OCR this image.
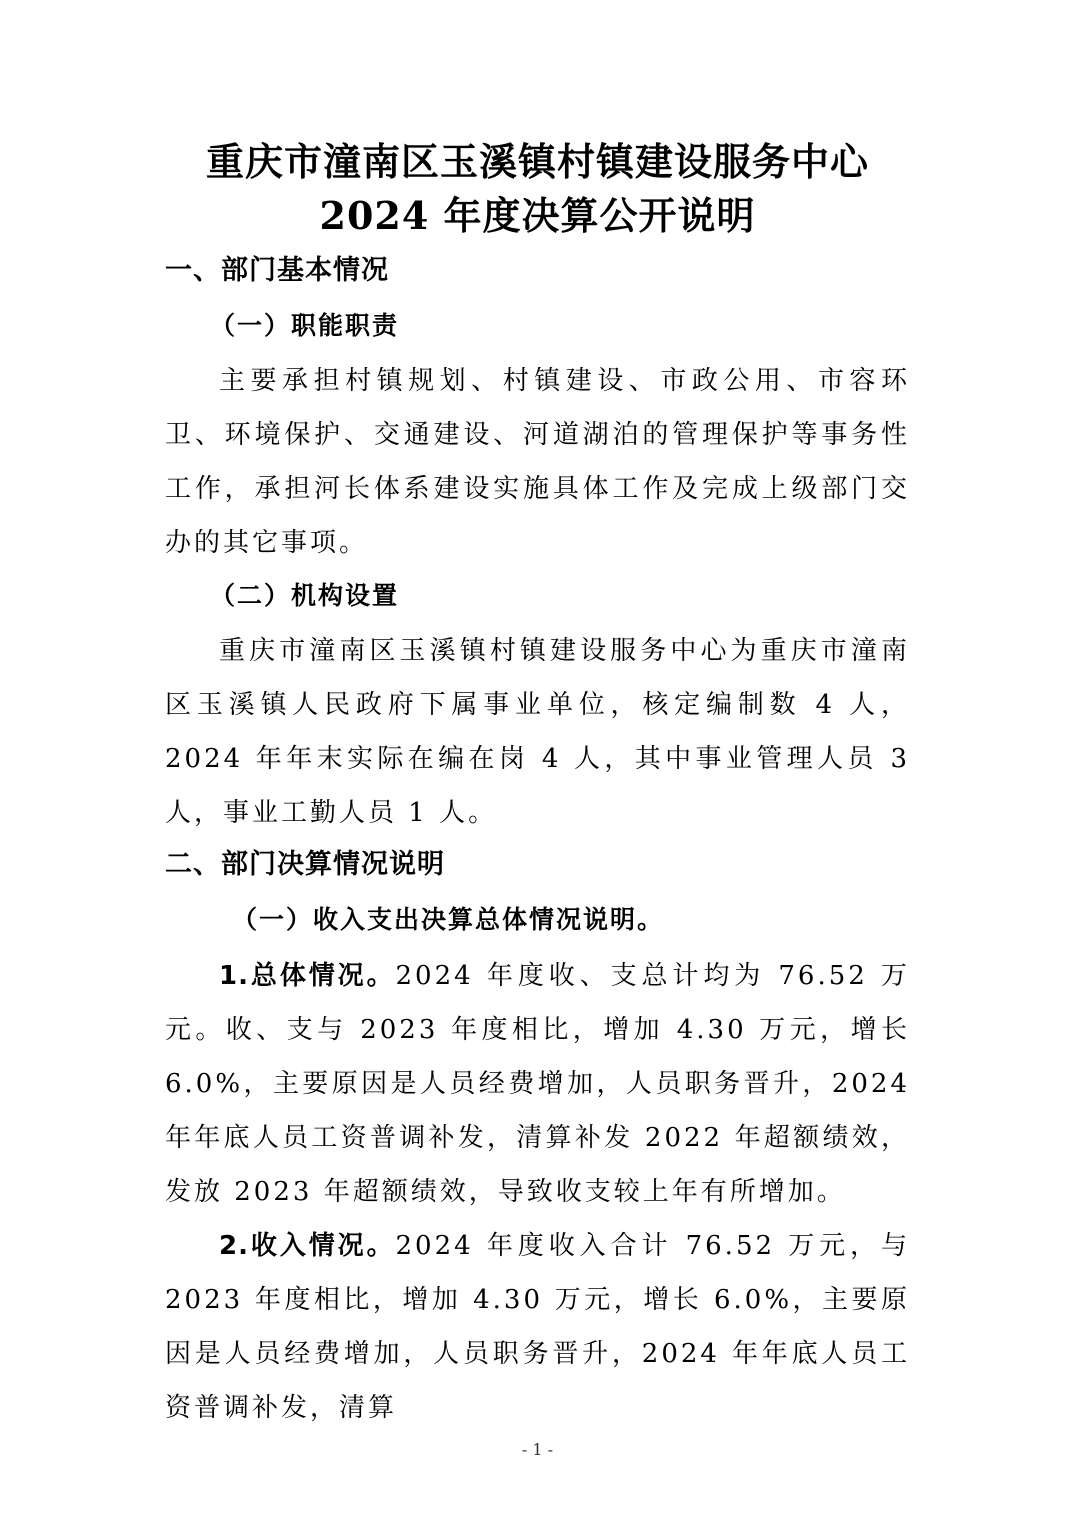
重庆市潼南区玉溪镇村镇建设服务中心
2024 年度决算公开说明
一、部门基本情况
（一）职能职责

主要承担村镇规划、村镇建设、市政公用、市容环卫、环境保护、交通建设、河道湖泊的管理保护等事务性工作，承担河长体系建设实施具体工作及完成上级部门交办的其它事项。

（二）机构设置

重庆市潼南区玉溪镇村镇建设服务中心为重庆市潼南区玉溪镇人民政府下属事业单位，核定编制数 4 人，2024 年年末实际在编在岗 4 人，其中事业管理人员 3 人，事业工勤人员 1 人。

二、部门决算情况说明
（一）收入支出决算总体情况说明。

1.总体情况。2024 年度收、支总计均为 76.52 万元。收、支与 2023 年度相比，增加 4.30 万元，增长 6.0%，主要原因是人员经费增加，人员职务晋升，2024 年年底人员工资普调补发，清算补发 2022 年超额绩效，发放 2023 年超额绩效，导致收支较上年有所增加。

2.收入情况。2024 年度收入合计 76.52 万元，与 2023 年度相比，增加 4.30 万元，增长 6.0%，主要原因是人员经费增加，人员职务晋升，2024 年年底人员工资普调补发，清算

- 1 -
